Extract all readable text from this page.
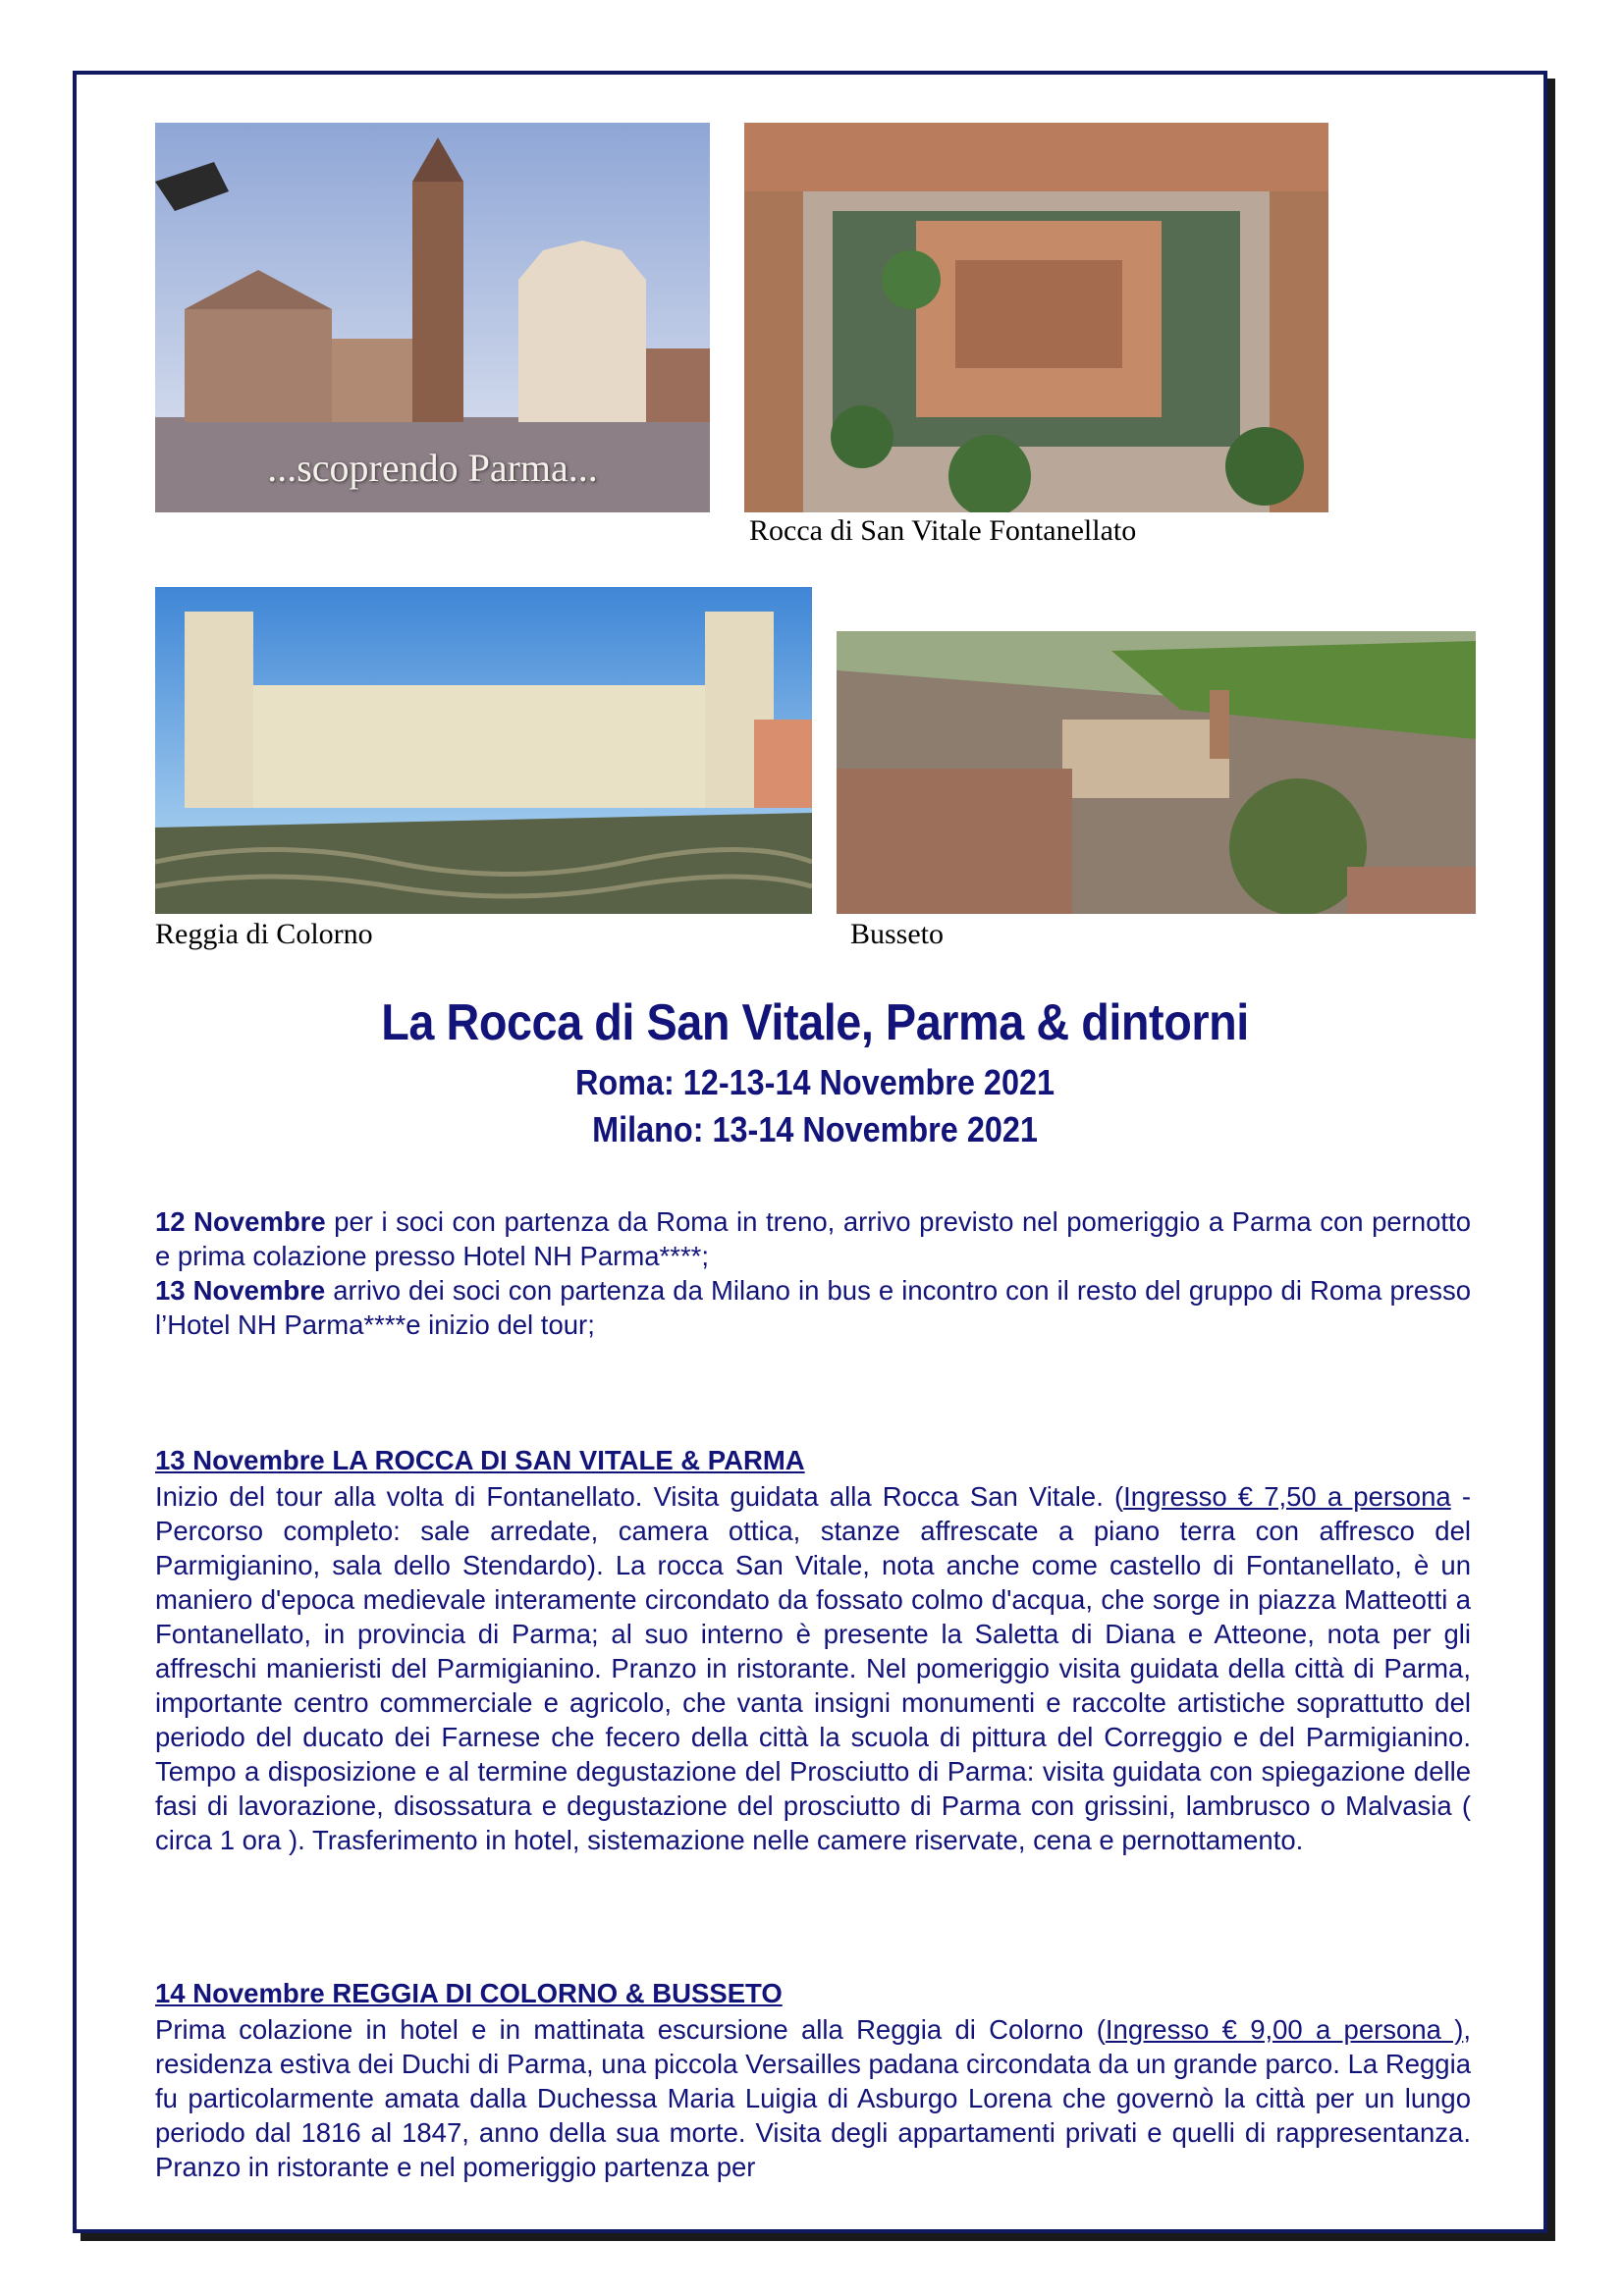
...scoprendo Parma...
Rocca di San Vitale Fontanellato
Reggia di Colorno	Busseto
La Rocca di San Vitale, Parma & dintorni
Roma: 12-13-14 Novembre 2021
Milano: 13-14 Novembre 2021
12 Novembre per i soci con partenza da Roma in treno, arrivo previsto nel pomeriggio a Parma con pernotto e prima colazione presso Hotel NH Parma****;
13 Novembre arrivo dei soci con partenza da Milano in bus e incontro con il resto del gruppo di Roma presso l’Hotel NH Parma****e inizio del tour;
13 Novembre LA ROCCA DI SAN VITALE & PARMA
Inizio del tour alla volta di Fontanellato. Visita guidata alla Rocca San Vitale. (Ingresso € 7,50 a persona - Percorso completo: sale arredate, camera ottica, stanze affrescate a piano terra con affresco del Parmigianino, sala dello Stendardo). La rocca San Vitale, nota anche come castello di Fontanellato, è un maniero d'epoca medievale interamente circondato da fossato colmo d'acqua, che sorge in piazza Matteotti a Fontanellato, in provincia di Parma; al suo interno è presente la Saletta di Diana e Atteone, nota per gli affreschi manieristi del Parmigianino. Pranzo in ristorante. Nel pomeriggio visita guidata della città di Parma, importante centro commerciale e agricolo, che vanta insigni monumenti e raccolte artistiche soprattutto del periodo del ducato dei Farnese che fecero della città la scuola di pittura del Correggio e del Parmigianino. Tempo a disposizione e al termine degustazione del Prosciutto di Parma: visita guidata con spiegazione delle fasi di lavorazione, disossatura e degustazione del prosciutto di Parma con grissini, lambrusco o Malvasia ( circa 1 ora ). Trasferimento in hotel, sistemazione nelle camere riservate, cena e pernottamento.
14 Novembre REGGIA DI COLORNO & BUSSETO
Prima colazione in hotel e in mattinata escursione alla Reggia di Colorno (Ingresso € 9,00 a persona ), residenza estiva dei Duchi di Parma, una piccola Versailles padana circondata da un grande parco. La Reggia fu particolarmente amata dalla Duchessa Maria Luigia di Asburgo Lorena che governò la città per un lungo periodo dal 1816 al 1847, anno della sua morte. Visita degli appartamenti privati e quelli di rappresentanza. Pranzo in ristorante e nel pomeriggio partenza per
